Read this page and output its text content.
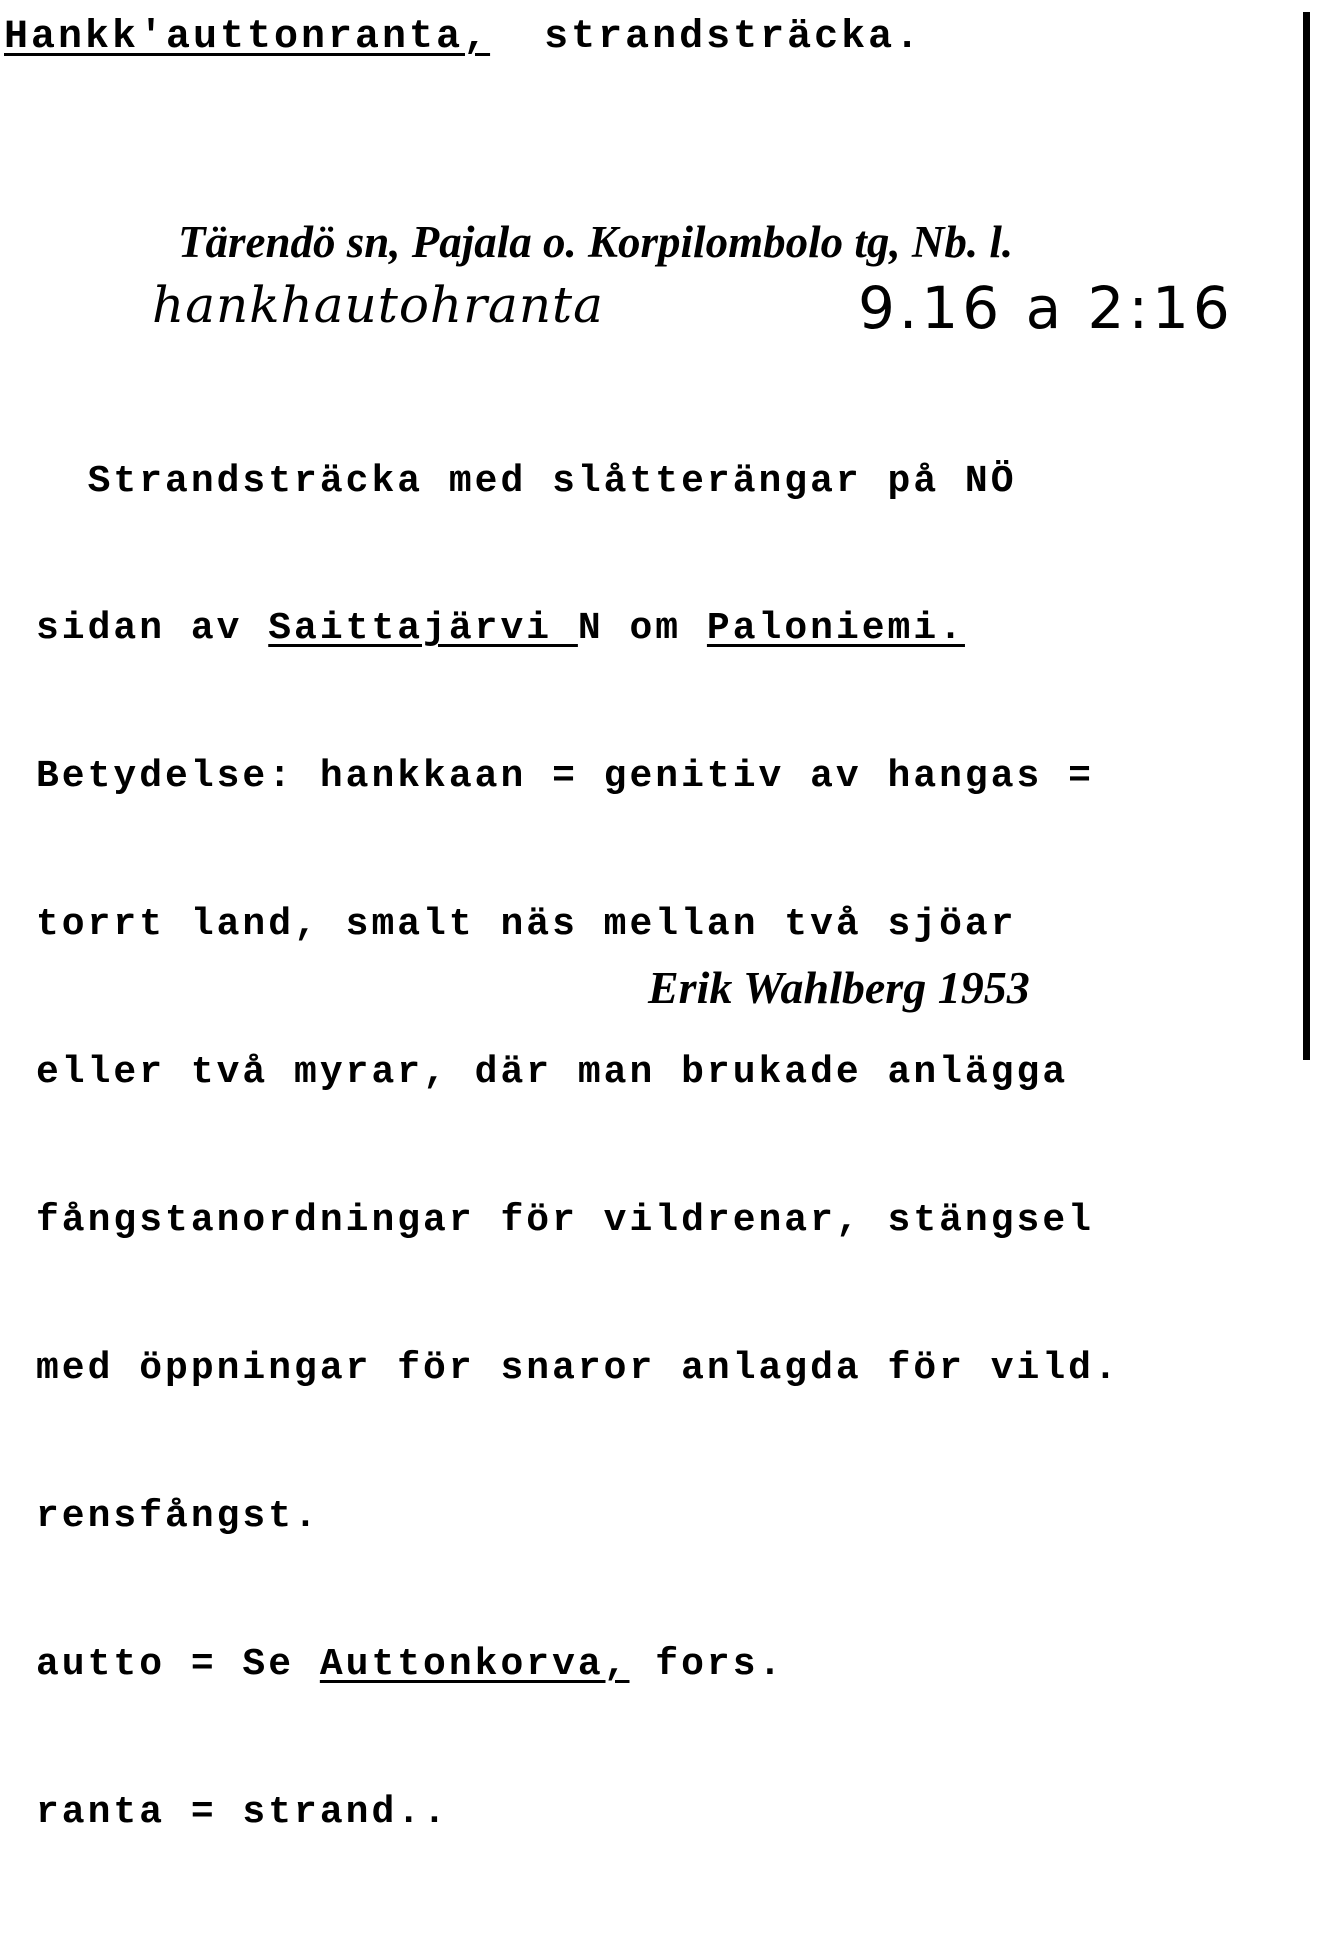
Hankk'auttonranta, strandsträcka.
Tärendö sn, Pajala o. Korpilombolo tg, Nb. l.
hankhautohranta	9.16 a 2:16

Strandsträcka med slåtterängar på NÖ

sidan av Saittajärvi N om Paloniemi.

Betydelse: hankkaan = genitiv av hangas =

torrt land, smalt näs mellan två sjöar

eller två myrar, där man brukade anlägga

fångstanordningar för vildrenar, stängsel

med öppningar för snaror anlagda för vild.

rensfångst.

autto = Se Auttonkorva, fors.

ranta = strand..

Erik Wahlberg 1953
